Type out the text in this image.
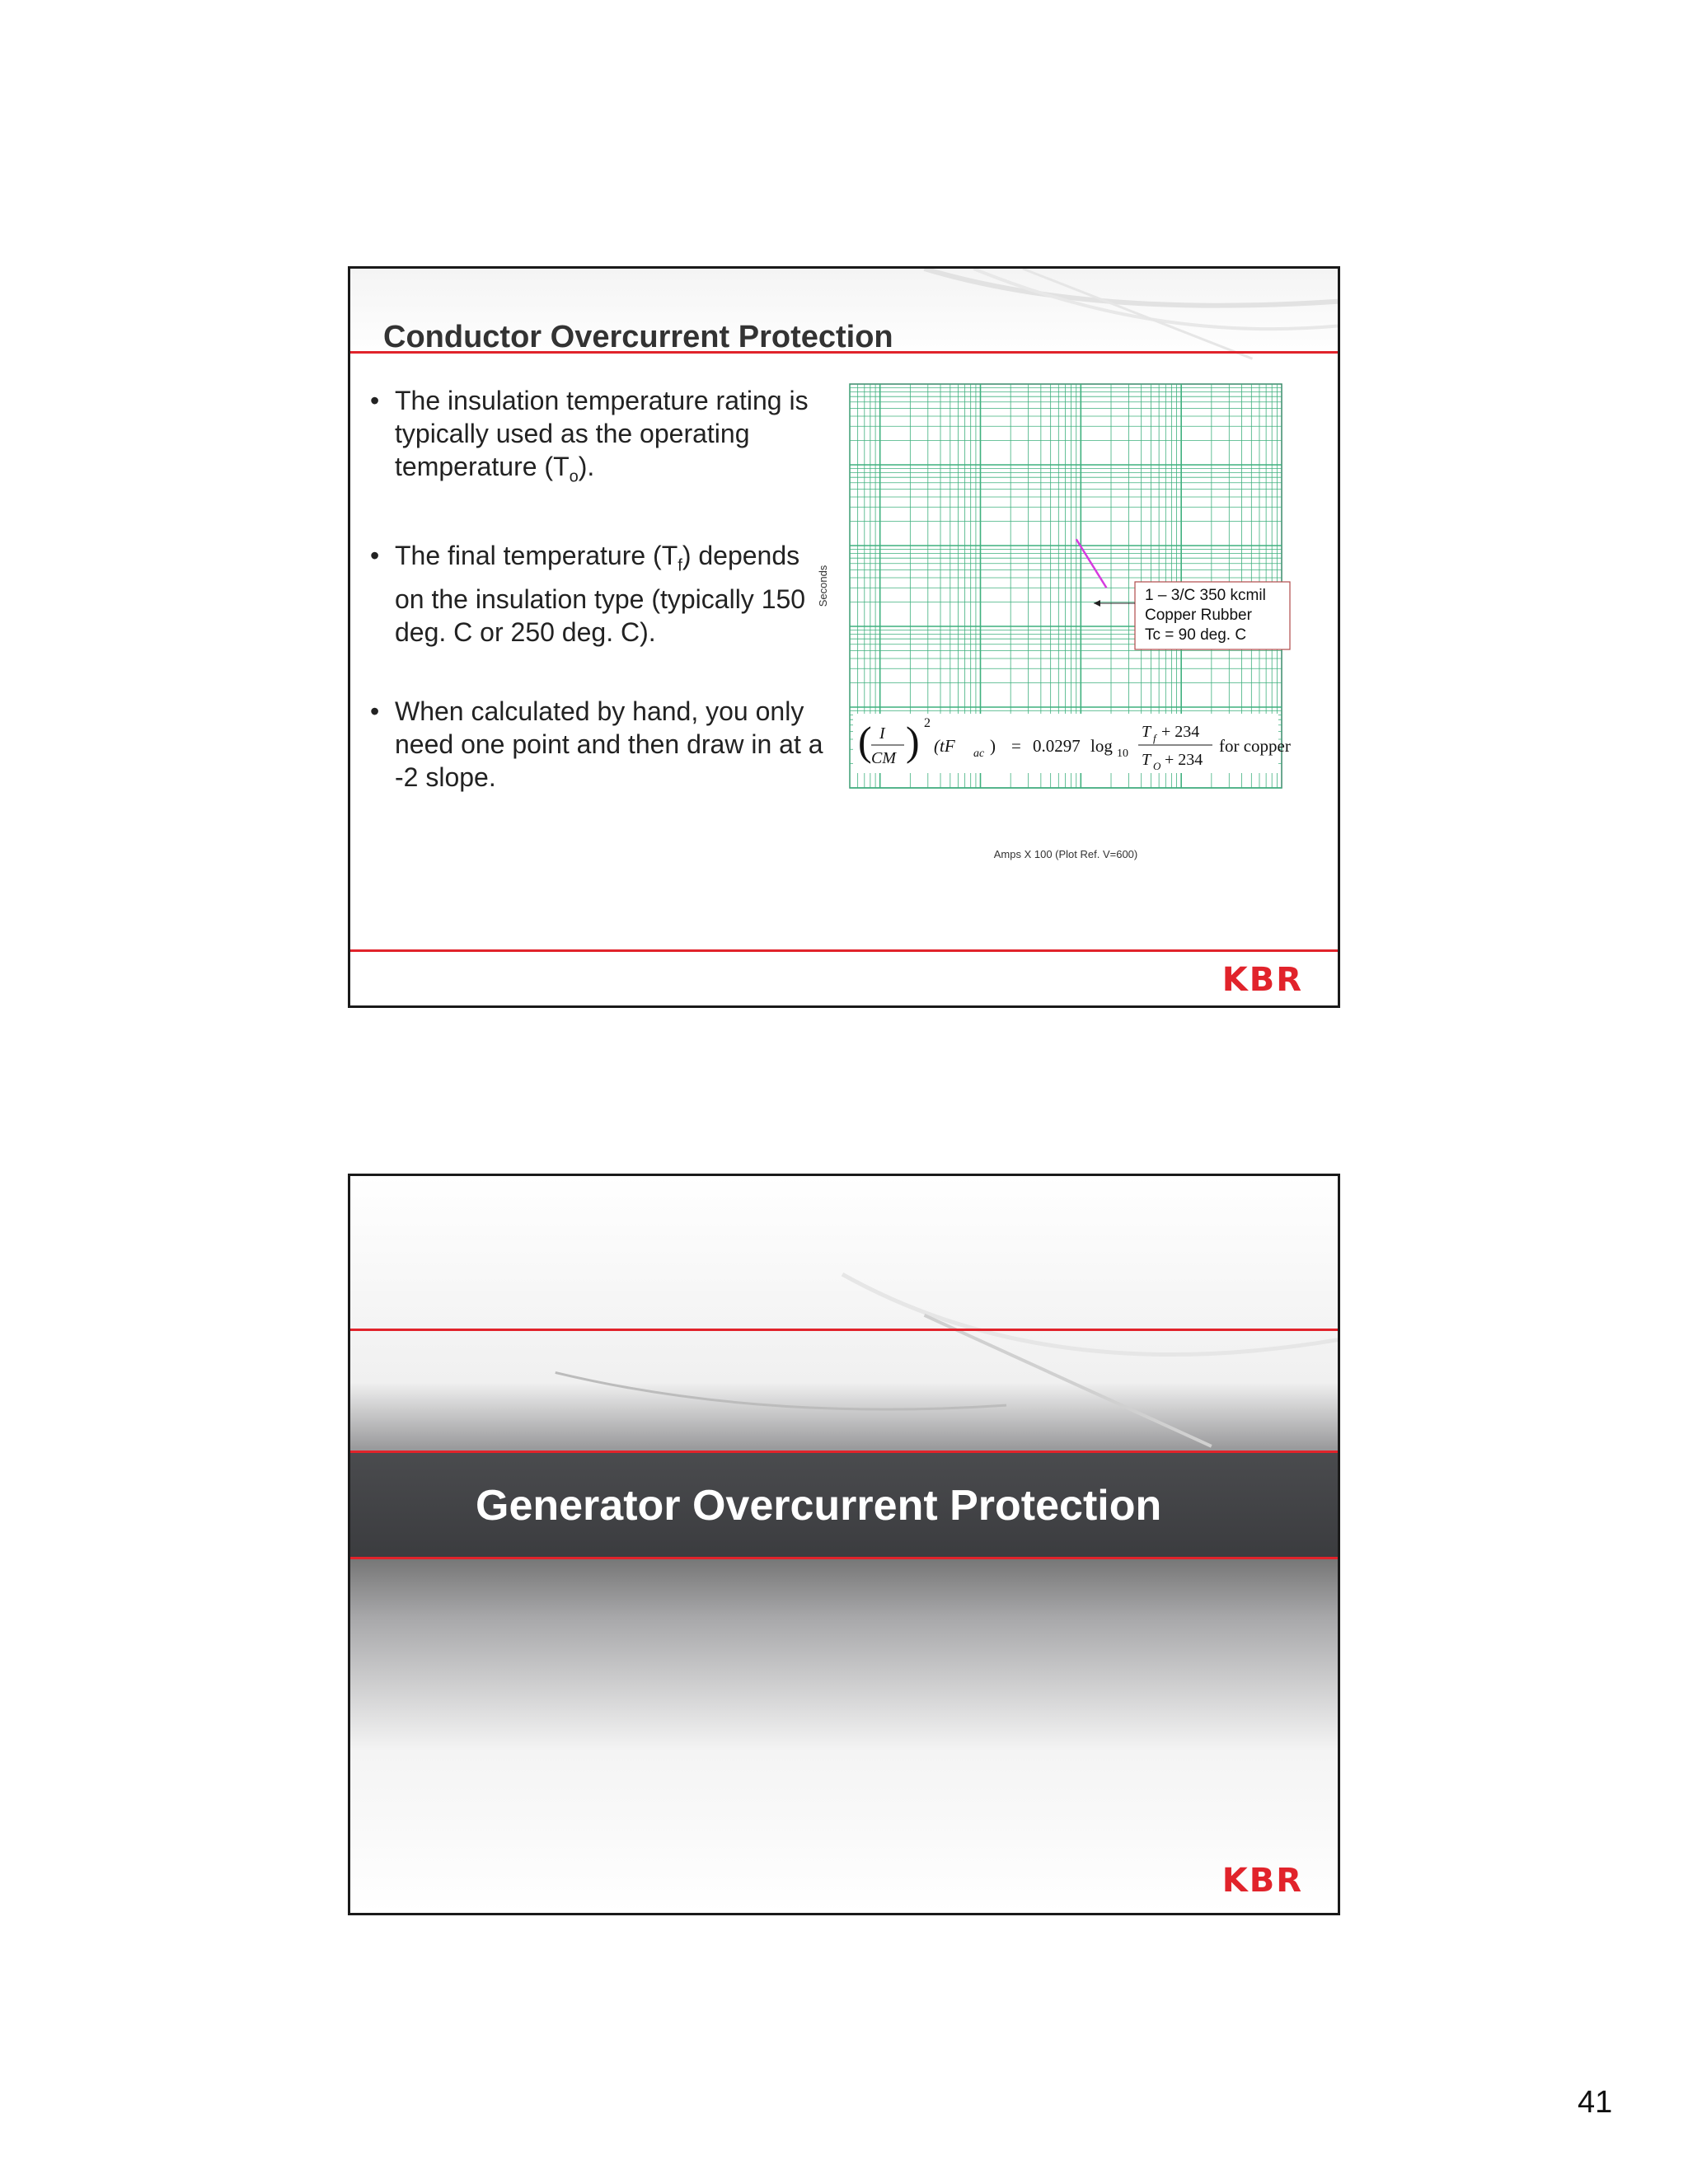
Conductor Overcurrent Protection
• The insulation temperature rating is typically used as the operating temperature $(T_o)$.
• The final temperature $(T_f)$ depends on the insulation type (typically 150 deg. C or 250 deg. C).
• When calculated by hand, you only need one point and then draw in at a -2 slope.
Seconds
Amps X 100 (Plot Ref. V=600)
1 – 3/C 350 kcmil
Copper Rubber
Tc = 90 deg. C
( I
CM ) 2
(tF ac ) = 0.0297 log 10
T f + 234
T O + 234
for copper
KBR
Generator Overcurrent Protection
KBR
41
